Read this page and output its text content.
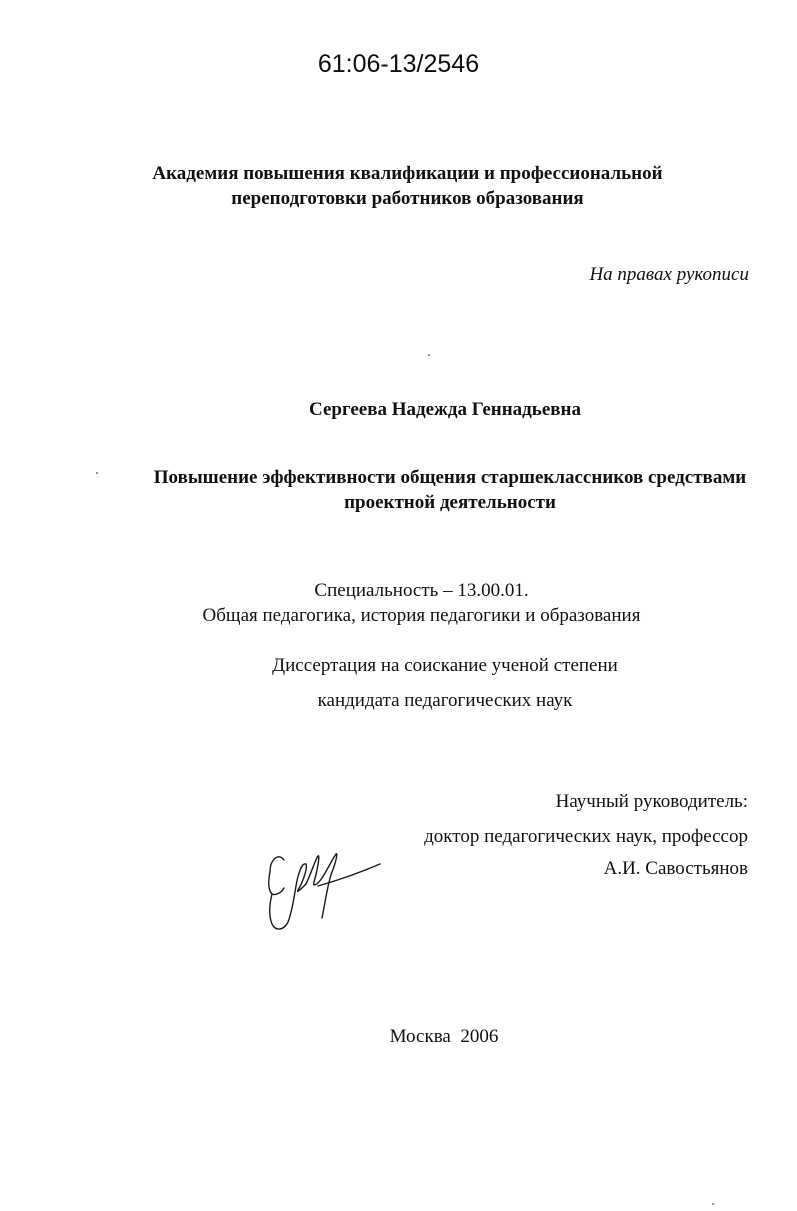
61:06-13/2546
Академия повышения квалификации и профессиональной
переподготовки работников образования
На правах рукописи
Сергеева Надежда Геннадьевна
Повышение эффективности общения старшеклассников средствами
проектной деятельности
Специальность – 13.00.01.
Общая педагогика, история педагогики и образования
Диссертация на соискание ученой степени
кандидата педагогических наук
Научный руководитель:
доктор педагогических наук, профессор
А.И. Савостьянов
Москва  2006
